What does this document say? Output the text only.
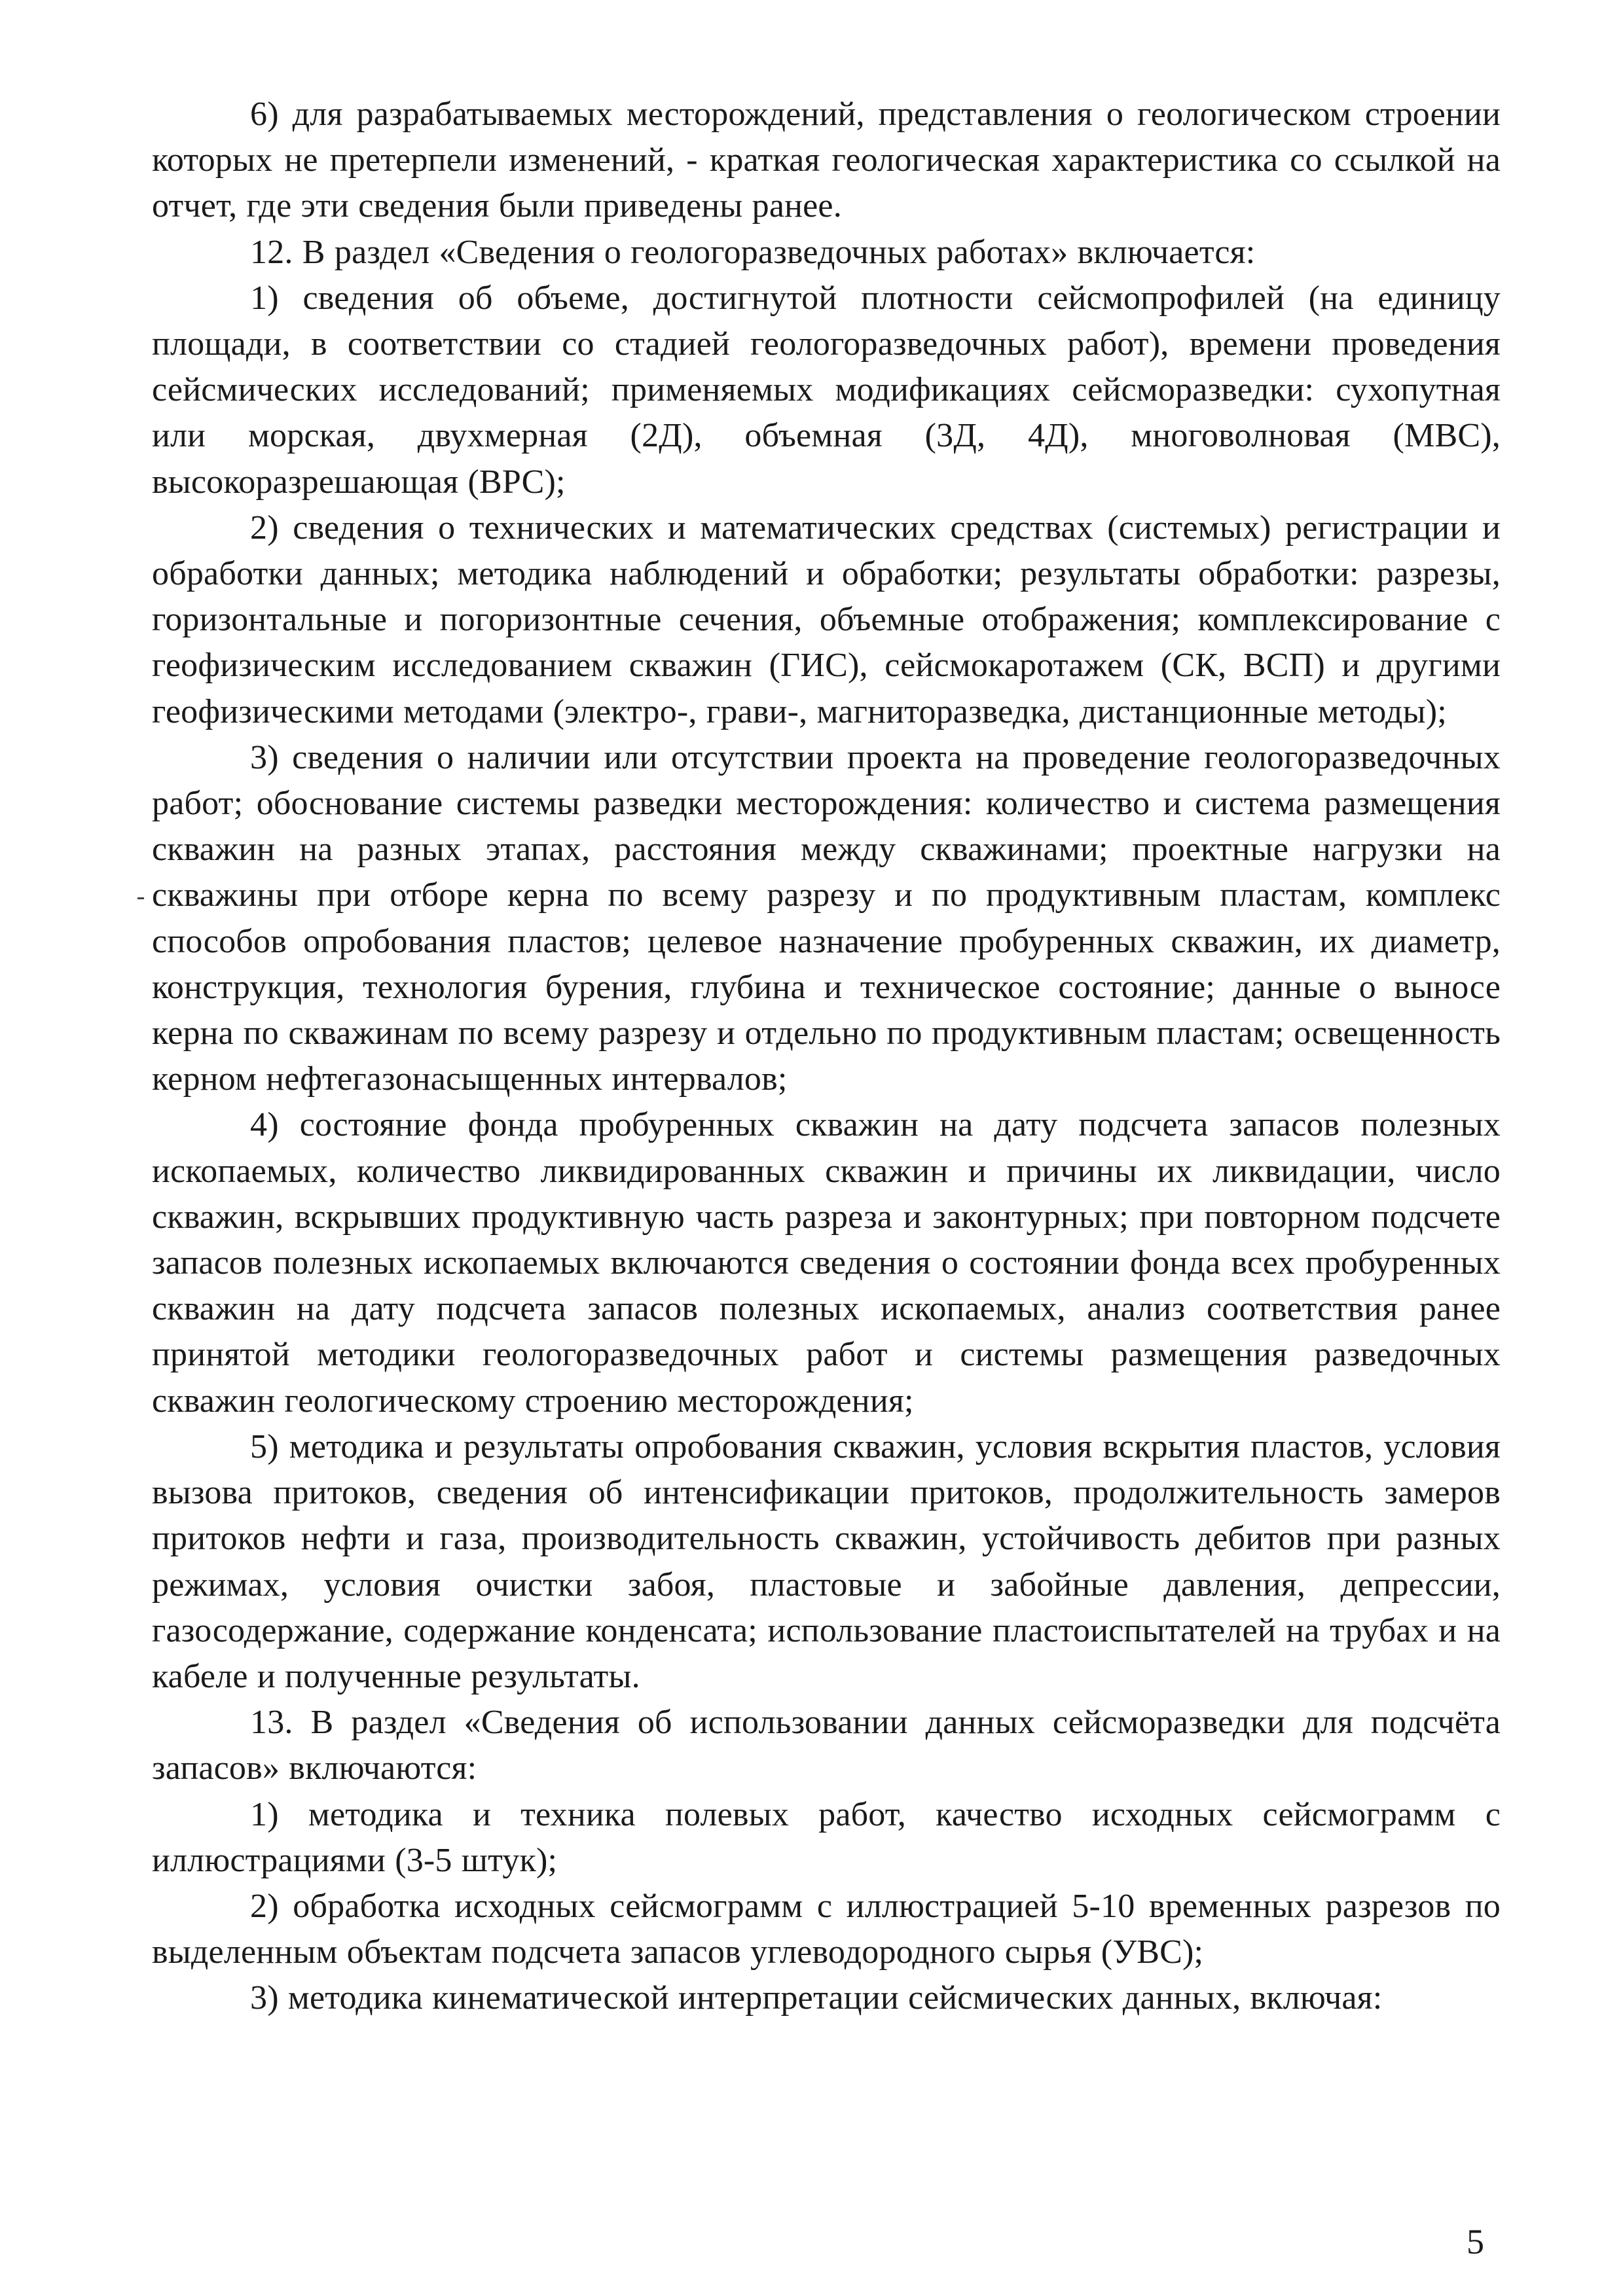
6) для разрабатываемых месторождений, представления о геологическом строении которых не претерпели изменений, - краткая геологическая характеристика со ссылкой на отчет, где эти сведения были приведены ранее.

12. В раздел «Сведения о геологоразведочных работах» включается:

1) сведения об объеме, достигнутой плотности сейсмопрофилей (на единицу площади, в соответствии со стадией геологоразведочных работ), времени проведения сейсмических исследований; применяемых модификациях сейсморазведки: сухопутная или морская, двухмерная (2Д), объемная (3Д, 4Д), многоволновая (МВС), высокоразрешающая (ВРС);

2) сведения о технических и математических средствах (системых) регистрации и обработки данных; методика наблюдений и обработки; результаты обработки: разрезы, горизонтальные и погоризонтные сечения, объемные отображения; комплексирование с геофизическим исследованием скважин (ГИС), сейсмокаротажем (СК, ВСП) и другими геофизическими методами (электро-, грави-, магниторазведка, дистанционные методы);

3) сведения о наличии или отсутствии проекта на проведение геологоразведочных работ; обоснование системы разведки месторождения: количество и система размещения скважин на разных этапах, расстояния между скважинами; проектные нагрузки на скважины при отборе керна по всему разрезу и по продуктивным пластам, комплекс способов опробования пластов; целевое назначение пробуренных скважин, их диаметр, конструкция, технология бурения, глубина и техническое состояние; данные о выносе керна по скважинам по всему разрезу и отдельно по продуктивным пластам; освещенность керном нефтегазонасыщенных интервалов;

4) состояние фонда пробуренных скважин на дату подсчета запасов полезных ископаемых, количество ликвидированных скважин и причины их ликвидации, число скважин, вскрывших продуктивную часть разреза и законтурных; при повторном подсчете запасов полезных ископаемых включаются сведения о состоянии фонда всех пробуренных скважин на дату подсчета запасов полезных ископаемых, анализ соответствия ранее принятой методики геологоразведочных работ и системы размещения разведочных скважин геологическому строению месторождения;

5) методика и результаты опробования скважин, условия вскрытия пластов, условия вызова притоков, сведения об интенсификации притоков, продолжительность замеров притоков нефти и газа, производительность скважин, устойчивость дебитов при разных режимах, условия очистки забоя, пластовые и забойные давления, депрессии, газосодержание, содержание конденсата; использование пластоиспытателей на трубах и на кабеле и полученные результаты.

13. В раздел «Сведения об использовании данных сейсморазведки для подсчёта запасов» включаются:

1) методика и техника полевых работ, качество исходных сейсмограмм с иллюстрациями (3-5 штук);

2) обработка исходных сейсмограмм с иллюстрацией 5-10 временных разрезов по выделенным объектам подсчета запасов углеводородного сырья (УВС);

3) методика кинематической интерпретации сейсмических данных, включая:

5
